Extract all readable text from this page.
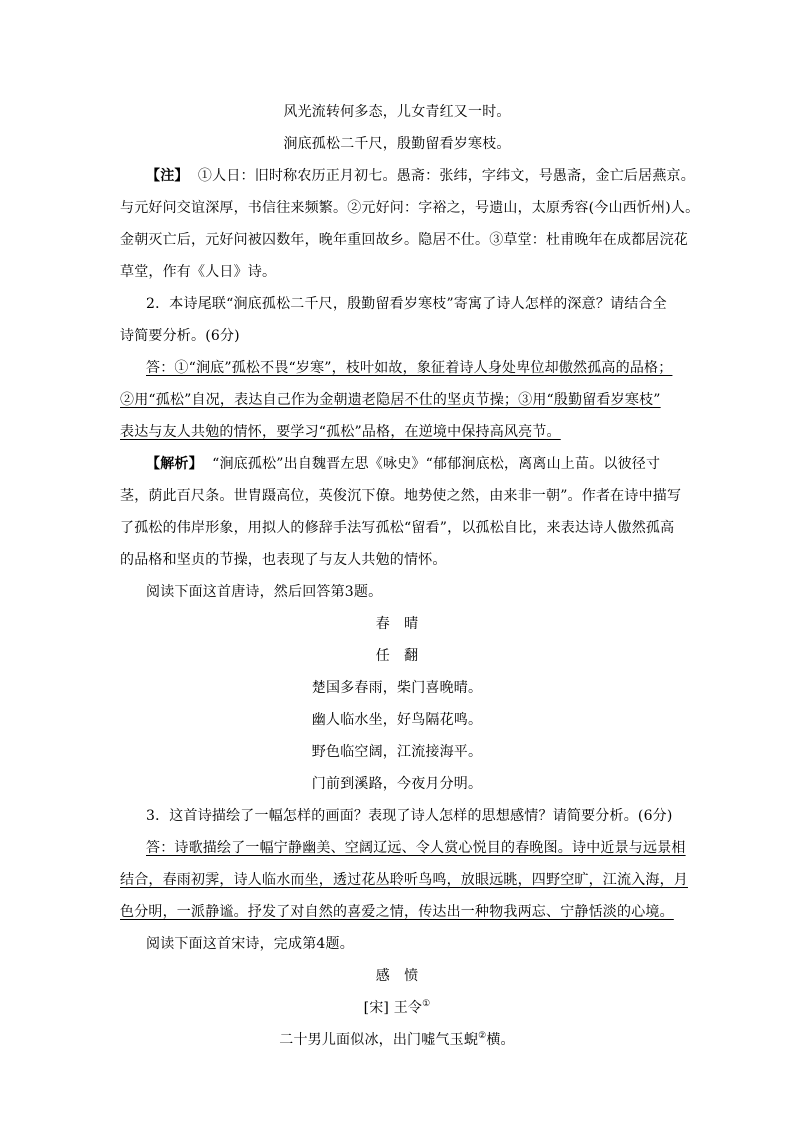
风光流转何多态，儿女青红又一时。
涧底孤松二千尺，殷勤留看岁寒枝。
【注】 ①人日：旧时称农历正月初七。愚斋：张纬，字纬文，号愚斋，金亡后居燕京。
与元好问交谊深厚，书信往来频繁。②元好问：字裕之，号遗山，太原秀容(今山西忻州)人。
金朝灭亡后，元好问被囚数年，晚年重回故乡。隐居不仕。③草堂：杜甫晚年在成都居浣花
草堂，作有《人日》诗。
2．本诗尾联“涧底孤松二千尺，殷勤留看岁寒枝”寄寓了诗人怎样的深意？请结合全
诗简要分析。(6分)
答：①“涧底”孤松不畏“岁寒”，枝叶如故，象征着诗人身处卑位却傲然孤高的品格；
②用“孤松”自况，表达自己作为金朝遗老隐居不仕的坚贞节操；③用“殷勤留看岁寒枝”
表达与友人共勉的情怀，要学习“孤松”品格，在逆境中保持高风亮节。
【解析】 “涧底孤松”出自魏晋左思《咏史》“郁郁涧底松，离离山上苗。以彼径寸
茎，荫此百尺条。世胄蹑高位，英俊沉下僚。地势使之然，由来非一朝”。作者在诗中描写
了孤松的伟岸形象，用拟人的修辞手法写孤松“留看”，以孤松自比，来表达诗人傲然孤高
的品格和坚贞的节操，也表现了与友人共勉的情怀。
阅读下面这首唐诗，然后回答第3题。
春　晴
任　翻
楚国多春雨，柴门喜晚晴。
幽人临水坐，好鸟隔花鸣。
野色临空阔，江流接海平。
门前到溪路，今夜月分明。
3．这首诗描绘了一幅怎样的画面？表现了诗人怎样的思想感情？请简要分析。(6分)
答：诗歌描绘了一幅宁静幽美、空阔辽远、令人赏心悦目的春晚图。诗中近景与远景相
结合，春雨初霁，诗人临水而坐，透过花丛聆听鸟鸣，放眼远眺，四野空旷，江流入海，月
色分明，一派静谧。抒发了对自然的喜爱之情，传达出一种物我两忘、宁静恬淡的心境。
阅读下面这首宋诗，完成第4题。
感　愤
[宋] 王令①
二十男儿面似冰，出门嘘气玉蜺②横。
